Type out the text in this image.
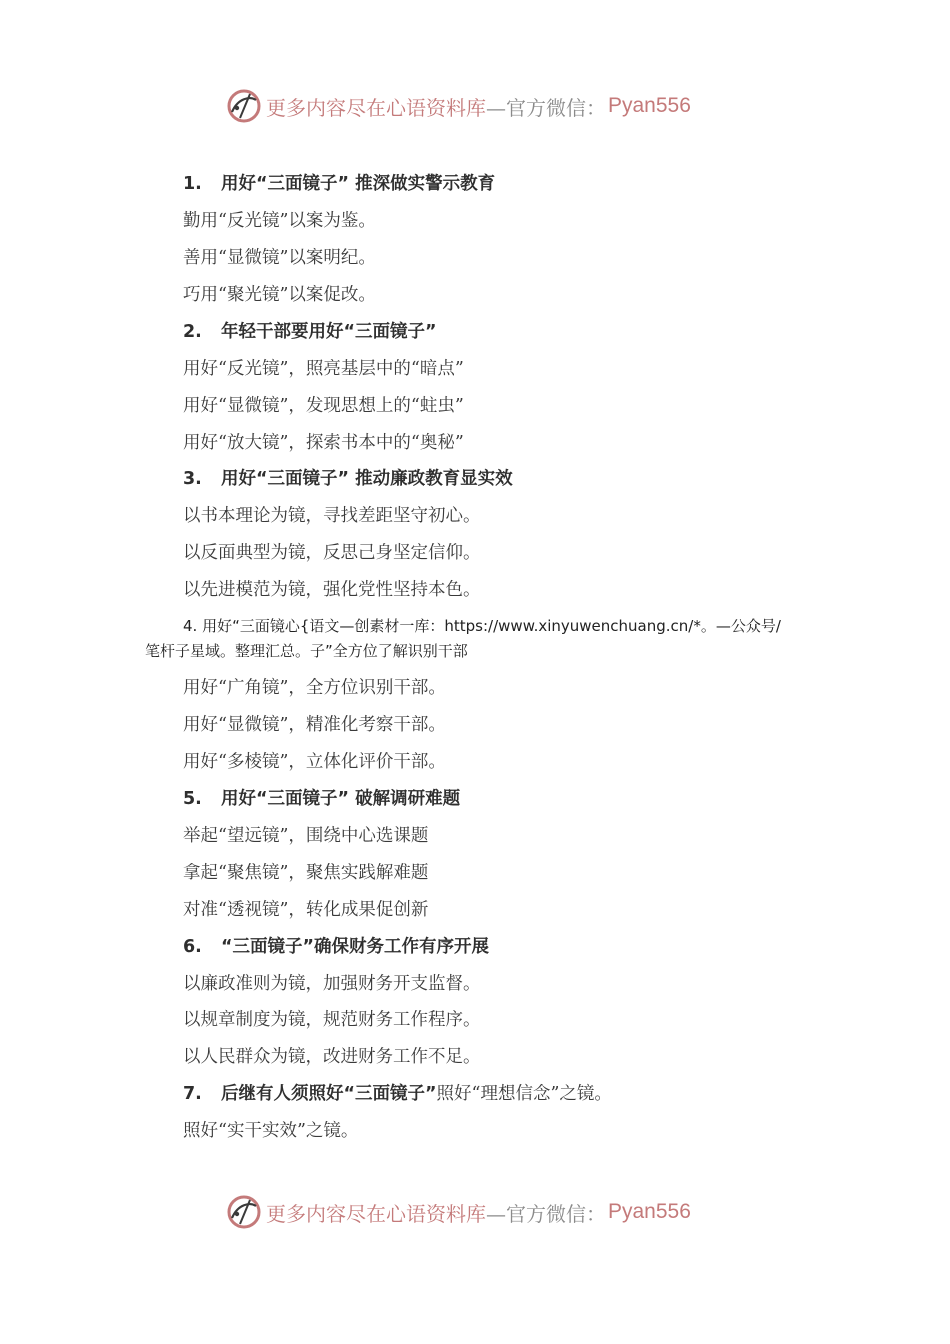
更多内容尽在心语资料库 —官方微信： Pyan556
1. 用好“三面镜子” 推深做实警示教育
勤用“反光镜”以案为鉴。
善用“显微镜”以案明纪。
巧用“聚光镜”以案促改。
2. 年轻干部要用好“三面镜子”
用好“反光镜”，照亮基层中的“暗点”
用好“显微镜”，发现思想上的“蛀虫”
用好“放大镜”，探索书本中的“奥秘”
3. 用好“三面镜子” 推动廉政教育显实效
以书本理论为镜，寻找差距坚守初心。
以反面典型为镜，反思己身坚定信仰。
以先进模范为镜，强化党性坚持本色。
4. 用好“三面镜心{语文—创素材一库：https://www.xinyuwenchuang.cn/*。—公众号/
笔杆子星域。整理汇总。子”全方位了解识别干部
用好“广角镜”，全方位识别干部。
用好“显微镜”，精准化考察干部。
用好“多棱镜”，立体化评价干部。
5. 用好“三面镜子” 破解调研难题
举起“望远镜”，围绕中心选课题
拿起“聚焦镜”，聚焦实践解难题
对准“透视镜”，转化成果促创新
6. “三面镜子”确保财务工作有序开展
以廉政准则为镜，加强财务开支监督。
以规章制度为镜，规范财务工作程序。
以人民群众为镜，改进财务工作不足。
7. 后继有人须照好“三面镜子”照好“理想信念”之镜。
照好“实干实效”之镜。
更多内容尽在心语资料库 —官方微信： Pyan556
